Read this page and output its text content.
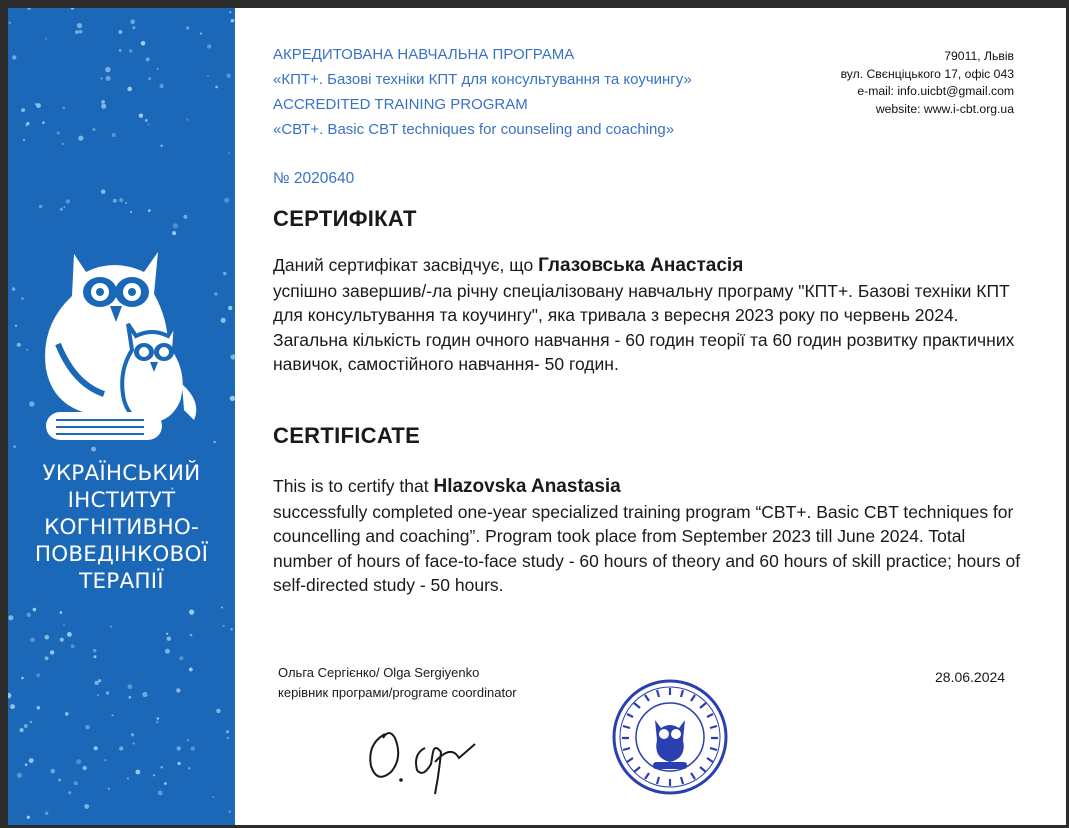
УКРАЇНСЬКИЙ
ІНСТИТУТ
КОГНІТИВНО-
ПОВЕДІНКОВОЇ
ТЕРАПІЇ
АКРЕДИТОВАНА НАВЧАЛЬНА ПРОГРАМА
«КПТ+. Базові техніки КПТ для консультування та коучингу»
ACCREDITED TRAINING PROGRAM
«СВТ+. Basic CBT techniques for counseling and coaching»
79011, Львів
вул. Свєнціцького 17, офіс 043
e-mail: info.uicbt@gmail.com
website: www.i-cbt.org.ua
№ 2020640
СЕРТИФІКАТ
Даний сертифікат засвідчує, що Глазовська Анастасія
успішно завершив/-ла річну спеціалізовану навчальну програму "КПТ+. Базові техніки КПТ для консультування та коучингу", яка тривала з вересня 2023 року по червень 2024. Загальна кількість годин очного навчання - 60 годин теорії та 60 годин розвитку практичних навичок, самостійного навчання- 50 годин.
CERTIFICATE
This is to certify that Hlazovska Anastasia
successfully completed one-year specialized training program “CBT+. Basic CBT techniques for councelling and coaching”. Program took place from September 2023 till June 2024. Total number of hours of face-to-face study - 60 hours of theory and 60 hours of skill practice; hours of self-directed study - 50 hours.
Ольга Сергієнко/ Olga Sergiyenko
керівник програми/programe coordinator
28.06.2024
